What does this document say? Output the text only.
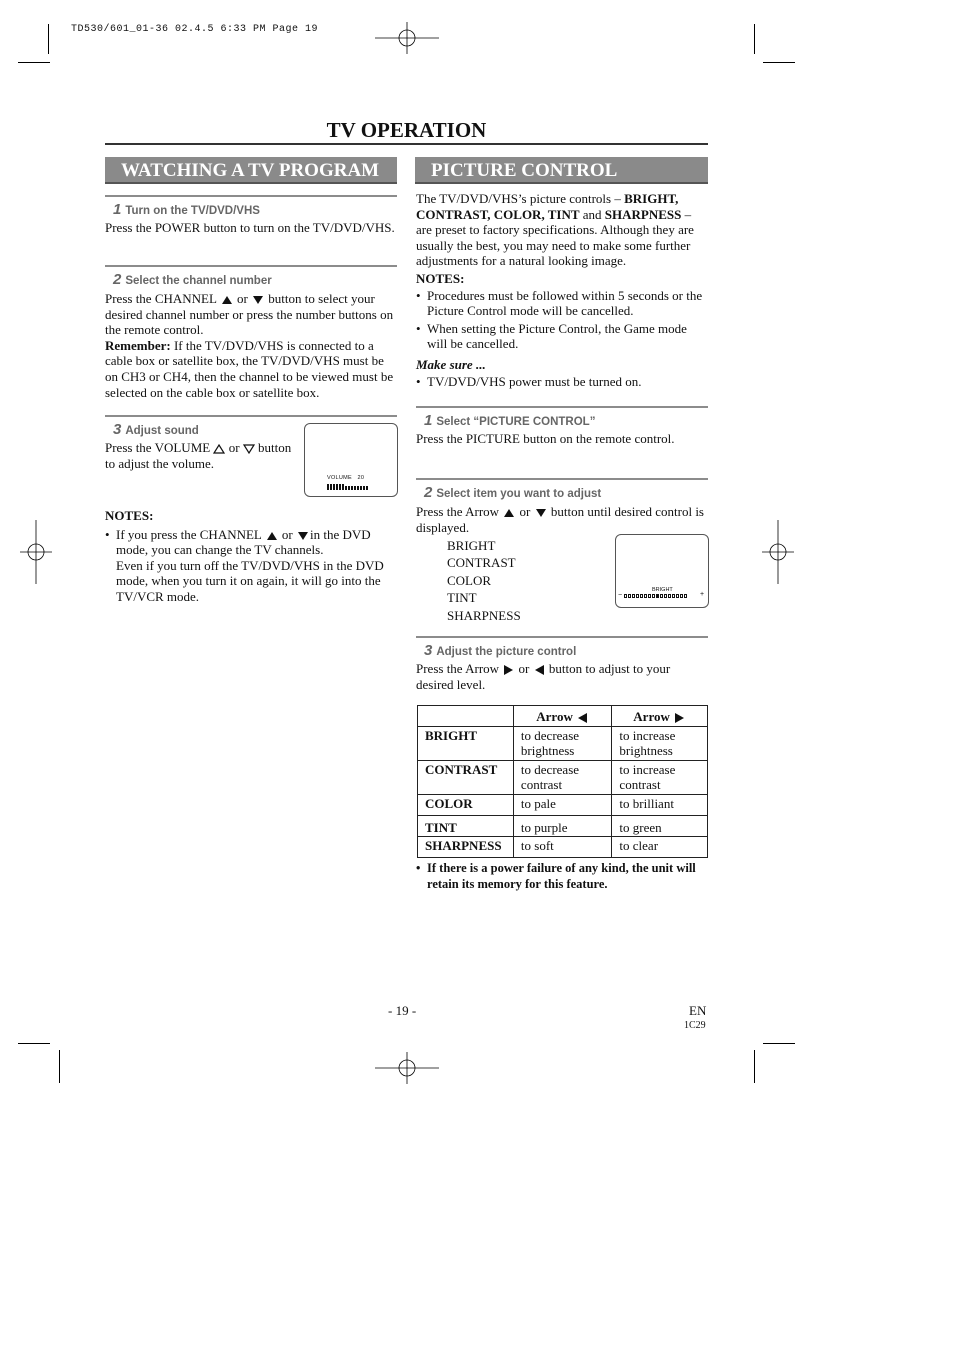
TD530/601_01-36 02.4.5 6:33 PM Page 19
TV OPERATION
WATCHING A TV PROGRAM
1 Turn on the TV/DVD/VHS
Press the POWER button to turn on the TV/DVD/VHS.
2 Select the channel number
Press the CHANNEL or button to select your desired channel number or press the number buttons on the remote control.
Remember: If the TV/DVD/VHS is connected to a cable box or satellite box, the TV/DVD/VHS must be on CH3 or CH4, then the channel to be viewed must be selected on the cable box or satellite box.
3 Adjust sound
Press the VOLUME or button to adjust the volume.
VOLUME 20
NOTES:
• If you press the CHANNEL or in the DVD mode, you can change the TV channels.
Even if you turn off the TV/DVD/VHS in the DVD mode, when you turn it on again, it will go into the TV/VCR mode.
PICTURE CONTROL
The TV/DVD/VHS’s picture controls – BRIGHT, CONTRAST, COLOR, TINT and SHARPNESS – are preset to factory specifications. Although they are usually the best, you may need to make some further adjustments for a natural looking image.
NOTES:
• Procedures must be followed within 5 seconds or the Picture Control mode will be cancelled.
• When setting the Picture Control, the Game mode will be cancelled.
Make sure ...
• TV/DVD/VHS power must be turned on.
1 Select “PICTURE CONTROL”
Press the PICTURE button on the remote control.
2 Select item you want to adjust
Press the Arrow or button until desired control is displayed.
BRIGHT
CONTRAST
COLOR
TINT
SHARPNESS
BRIGHT
−	+
3 Adjust the picture control
Press the Arrow or button to adjust to your desired level.
	Arrow	Arrow
BRIGHT	to decrease brightness	to increase brightness
CONTRAST	to decrease contrast	to increase contrast
COLOR	to pale	to brilliant
TINT	to purple	to green
SHARPNESS	to soft	to clear
• If there is a power failure of any kind, the unit will retain its memory for this feature.
- 19 -	EN
1C29
